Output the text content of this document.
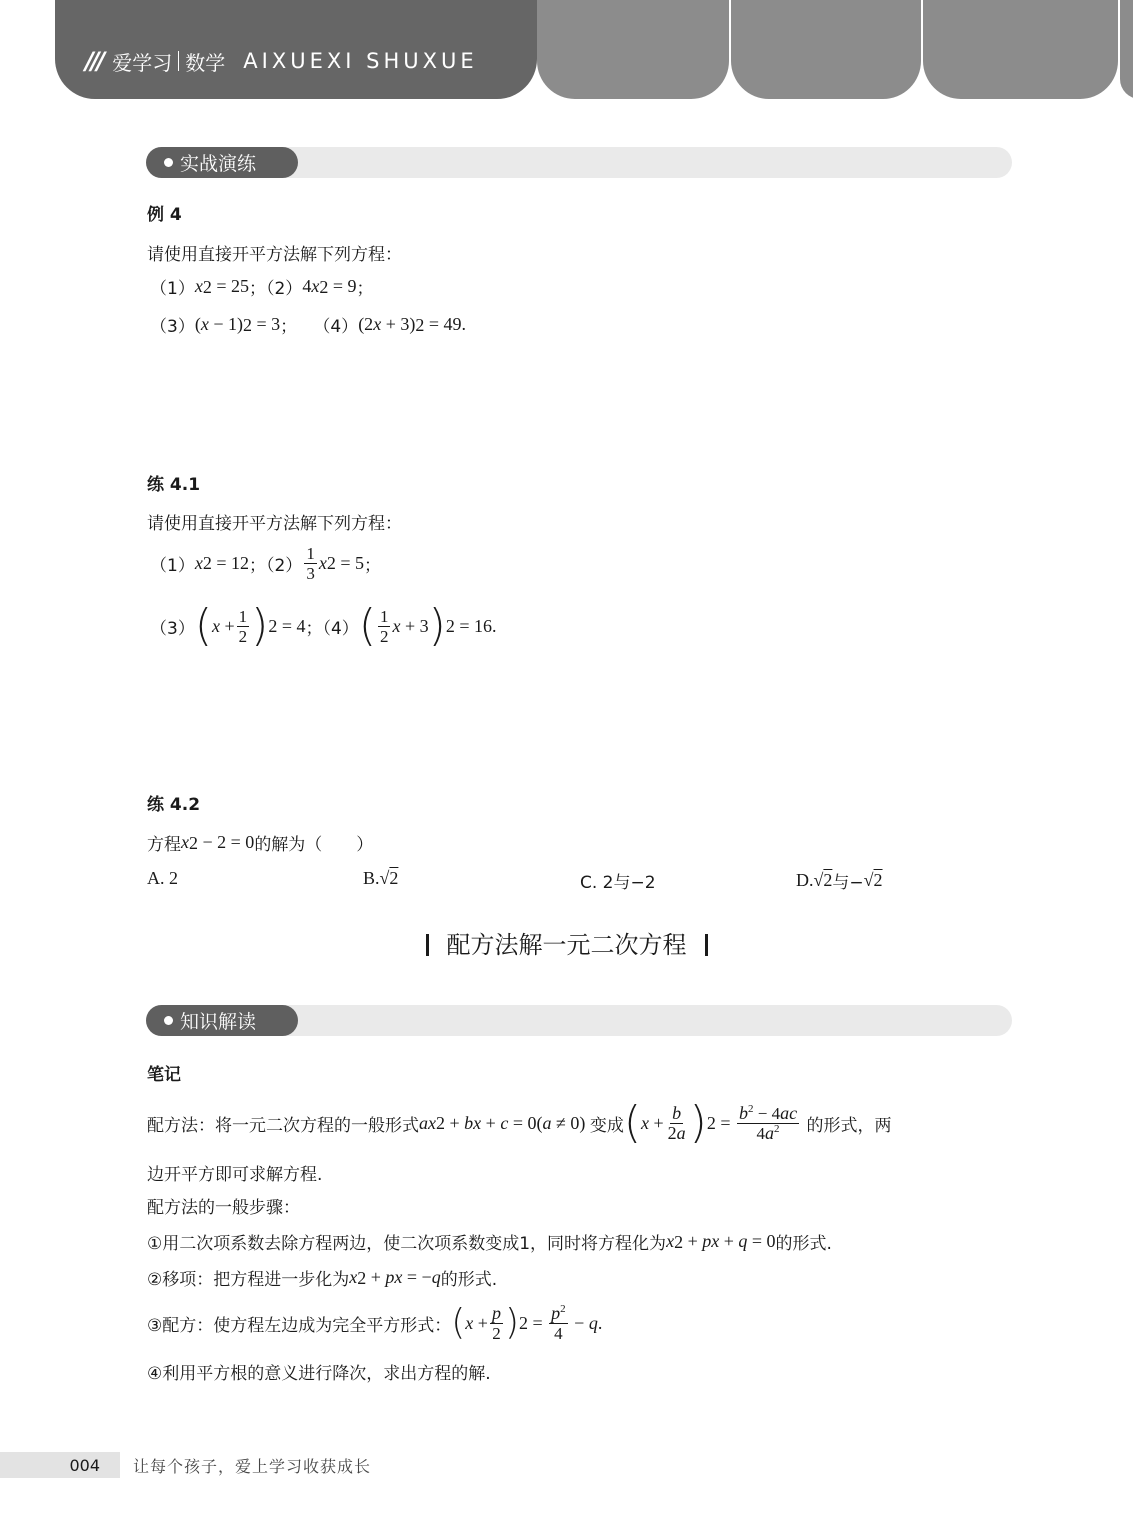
/// 爱学习 数学 AIXUEXI SHUXUE
实战演练
例 4
请使用直接开平方法解下列方程：
（1） x 2 = 25 ；（2） 4 x 2 = 9 ；
（3） ( x − 1) 2 = 3 ； （4） (2 x + 3) 2 = 49.
练 4.1
请使用直接开平方法解下列方程：
（1） x 2 = 12 ；$(2) \frac{1}{3}$ x 2 = 5 ；
（3） ( $x + \frac{1}{2}$ ) 2 = 4 ；（4） ( $\frac{1}{2}$ x + 3 ) 2 = 16.
练 4.2
方程 x 2 − 2 = 0 的解为（　　）
A. 2	B. √2	C. 2与−2	D. √2 与− √2
配方法解一元二次方程
知识解读
笔记
配方法：将一元二次方程的一般形式 ax 2 + bx + c = 0( a ≠ 0) 变成 ( $x + \frac{b}{2a}$ ) $2 = \frac{b^2 - 4ac}{4a^2}$
的形式，两
边开平方即可求解方程.
配方法的一般步骤：
①用二次项系数去除方程两边，使二次项系数变成1，同时将方程化为 x 2 + px + q = 0 的形式.
②移项：把方程进一步化为 x 2 + px = − q 的形式.
③配方：使方程左边成为完全平方形式： ( $x + \frac{p}{2}$ ) $2 = \frac{p^2}{4} - q$ .
④利用平方根的意义进行降次，求出方程的解.
004 让每个孩子，爱上学习收获成长
